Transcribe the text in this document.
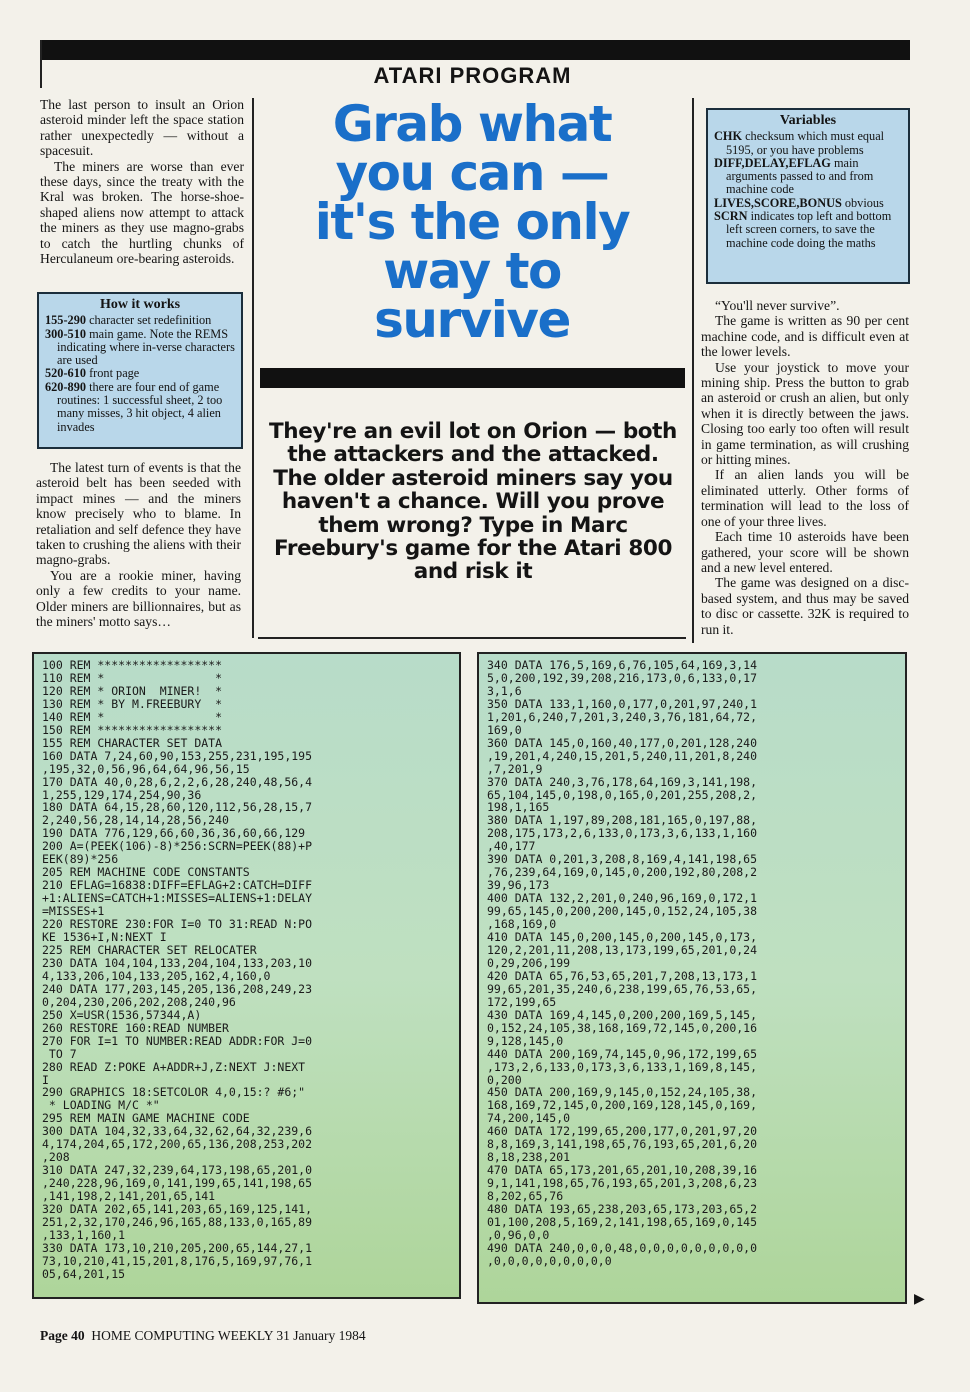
ATARI PROGRAM

The last person to insult an Orion asteroid minder left the space station rather unexpectedly — without a spacesuit.

The miners are worse than ever these days, since the treaty with the Kral was broken. The horse-shoe-shaped aliens now attempt to attack the miners as they use magno-grabs to catch the hurtling chunks of Herculaneum ore-bearing asteroids.

How it works
155-290 character set redefinition
300-510 main game. Note the REMS indicating where in-verse characters are used
520-610 front page
620-890 there are four end of game routines: 1 successful sheet, 2 too many misses, 3 hit object, 4 alien invades

The latest turn of events is that the asteroid belt has been seeded with impact mines — and the miners know precisely who to blame. In retaliation and self defence they have taken to crushing the aliens with their magno-grabs.

You are a rookie miner, having only a few credits to your name. Older miners are billionnaires, but as the miners' motto says…

Grab what
you can —
it's the only
way to
survive
They're an evil lot on Orion — both the attackers and the attacked. The older asteroid miners say you haven't a chance. Will you prove them wrong? Type in Marc Freebury's game for the Atari 800 and risk it
Variables
CHK checksum which must equal 5195, or you have problems
DIFF,DELAY,EFLAG main arguments passed to and from machine code
LIVES,SCORE,BONUS obvious
SCRN indicates top left and bottom left screen corners, to save the machine code doing the maths

“You'll never survive”.

The game is written as 90 per cent machine code, and is difficult even at the lower levels.

Use your joystick to move your mining ship. Press the button to grab an asteroid or crush an alien, but only when it is directly between the jaws. Closing too early too often will result in game termination, as will crushing or hitting mines.

If an alien lands you will be eliminated utterly. Other forms of termination will lead to the loss of one of your three lives.

Each time 10 asteroids have been gathered, your score will be shown and a new level entered.

The game was designed on a disc-based system, and thus may be saved to disc or cassette. 32K is required to run it.

100 REM ******************
110 REM *                *
120 REM * ORION  MINER!  *
130 REM * BY M.FREEBURY  *
140 REM *                *
150 REM ******************
155 REM CHARACTER SET DATA
160 DATA 7,24,60,90,153,255,231,195,195
,195,32,0,56,96,64,64,96,56,15
170 DATA 40,0,28,6,2,2,6,28,240,48,56,4
1,255,129,174,254,90,36
180 DATA 64,15,28,60,120,112,56,28,15,7
2,240,56,28,14,14,28,56,240
190 DATA 776,129,66,60,36,36,60,66,129
200 A=(PEEK(106)-8)*256:SCRN=PEEK(88)+P
EEK(89)*256
205 REM MACHINE CODE CONSTANTS
210 EFLAG=16838:DIFF=EFLAG+2:CATCH=DIFF
+1:ALIENS=CATCH+1:MISSES=ALIENS+1:DELAY
=MISSES+1
220 RESTORE 230:FOR I=0 TO 31:READ N:PO
KE 1536+I,N:NEXT I
225 REM CHARACTER SET RELOCATER
230 DATA 104,104,133,204,104,133,203,10
4,133,206,104,133,205,162,4,160,0
240 DATA 177,203,145,205,136,208,249,23
0,204,230,206,202,208,240,96
250 X=USR(1536,57344,A)
260 RESTORE 160:READ NUMBER
270 FOR I=1 TO NUMBER:READ ADDR:FOR J=0
TO 7
280 READ Z:POKE A+ADDR+J,Z:NEXT J:NEXT
I
290 GRAPHICS 18:SETCOLOR 4,0,15:? #6;"
* LOADING M/C *"
295 REM MAIN GAME MACHINE CODE
300 DATA 104,32,33,64,32,62,64,32,239,6
4,174,204,65,172,200,65,136,208,253,202
,208
310 DATA 247,32,239,64,173,198,65,201,0
,240,228,96,169,0,141,199,65,141,198,65
,141,198,2,141,201,65,141
320 DATA 202,65,141,203,65,169,125,141,
251,2,32,170,246,96,165,88,133,0,165,89
,133,1,160,1
330 DATA 173,10,210,205,200,65,144,27,1
73,10,210,41,15,201,8,176,5,169,97,76,1
05,64,201,15
340 DATA 176,5,169,6,76,105,64,169,3,14
5,0,200,192,39,208,216,173,0,6,133,0,17
3,1,6
350 DATA 133,1,160,0,177,0,201,97,240,1
1,201,6,240,7,201,3,240,3,76,181,64,72,
169,0
360 DATA 145,0,160,40,177,0,201,128,240
,19,201,4,240,15,201,5,240,11,201,8,240
,7,201,9
370 DATA 240,3,76,178,64,169,3,141,198,
65,104,145,0,198,0,165,0,201,255,208,2,
198,1,165
380 DATA 1,197,89,208,181,165,0,197,88,
208,175,173,2,6,133,0,173,3,6,133,1,160
,40,177
390 DATA 0,201,3,208,8,169,4,141,198,65
,76,239,64,169,0,145,0,200,192,80,208,2
39,96,173
400 DATA 132,2,201,0,240,96,169,0,172,1
99,65,145,0,200,200,145,0,152,24,105,38
,168,169,0
410 DATA 145,0,200,145,0,200,145,0,173,
120,2,201,11,208,13,173,199,65,201,0,24
0,29,206,199
420 DATA 65,76,53,65,201,7,208,13,173,1
99,65,201,35,240,6,238,199,65,76,53,65,
172,199,65
430 DATA 169,4,145,0,200,200,169,5,145,
0,152,24,105,38,168,169,72,145,0,200,16
9,128,145,0
440 DATA 200,169,74,145,0,96,172,199,65
,173,2,6,133,0,173,3,6,133,1,169,8,145,
0,200
450 DATA 200,169,9,145,0,152,24,105,38,
168,169,72,145,0,200,169,128,145,0,169,
74,200,145,0
460 DATA 172,199,65,200,177,0,201,97,20
8,8,169,3,141,198,65,76,193,65,201,6,20
8,18,238,201
470 DATA 65,173,201,65,201,10,208,39,16
9,1,141,198,65,76,193,65,201,3,208,6,23
8,202,65,76
480 DATA 193,65,238,203,65,173,203,65,2
01,100,208,5,169,2,141,198,65,169,0,145
,0,96,0,0
490 DATA 240,0,0,0,48,0,0,0,0,0,0,0,0,0
,0,0,0,0,0,0,0,0,0
▶
Page 40 HOME COMPUTING WEEKLY 31 January 1984
